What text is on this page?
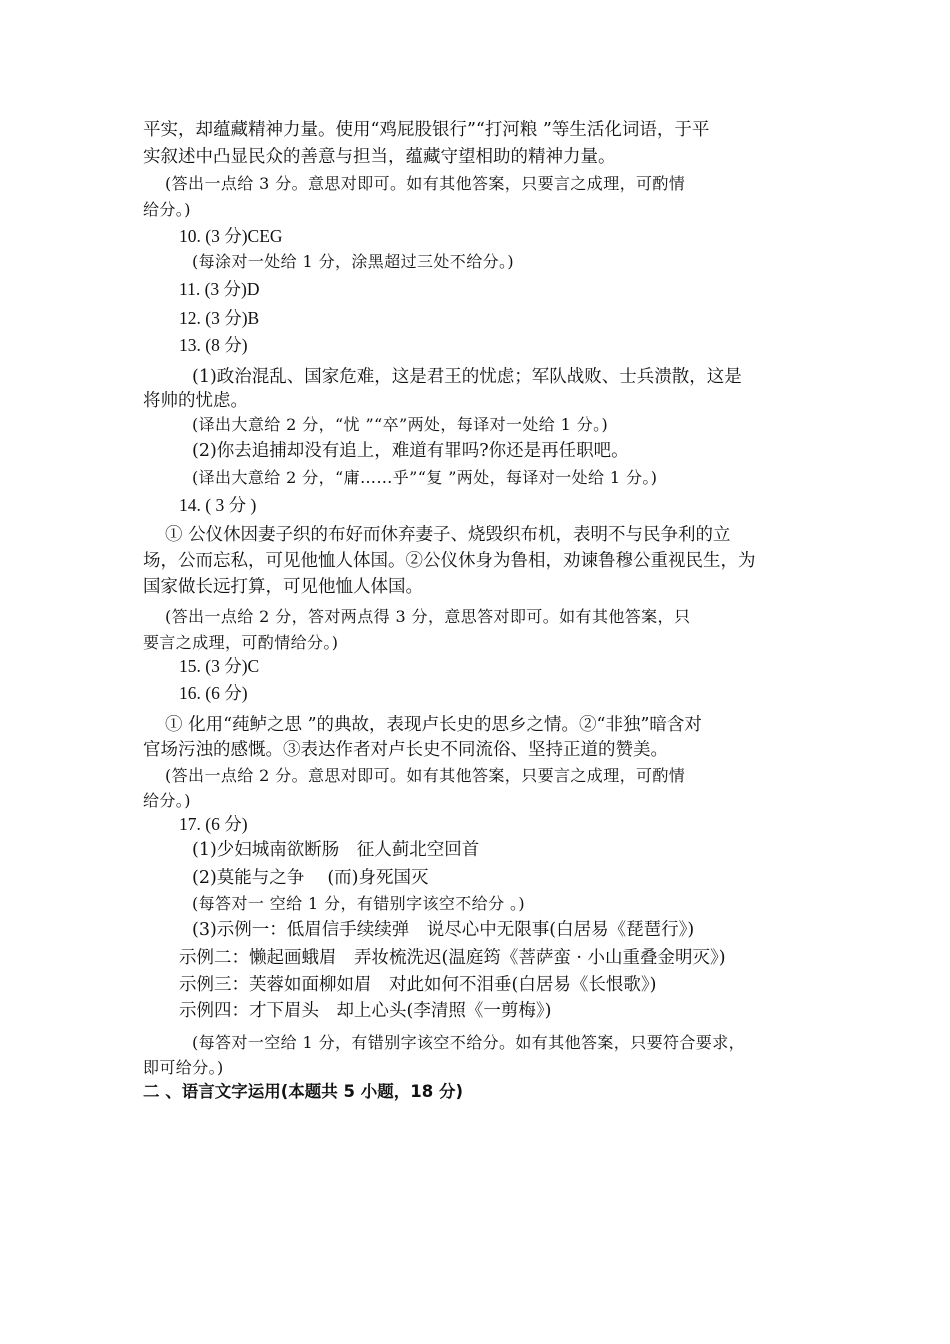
平实，却蕴藏精神力量。使用“鸡屁股银行”“打河粮 ”等生活化词语，于平
实叙述中凸显民众的善意与担当，蕴藏守望相助的精神力量。
(答出一点给 3 分。意思对即可。如有其他答案，只要言之成理，可酌情
给分。)
10. (3 分)CEG
(每涂对一处给 1 分，涂黑超过三处不给分。)
11. (3 分)D
12. (3 分)B
13. (8 分)
(1)政治混乱、国家危难，这是君王的忧虑；军队战败、士兵溃散，这是
将帅的忧虑。
(译出大意给 2 分，“忧 ”“卒”两处，每译对一处给 1 分。)
(2)你去追捕却没有追上，难道有罪吗?你还是再任职吧。
(译出大意给 2 分，“庸……乎”“复 ”两处，每译对一处给 1 分。)
14. ( 3 分 )
① 公仪休因妻子织的布好而休弃妻子、烧毁织布机，表明不与民争利的立
场，公而忘私，可见他恤人体国。②公仪休身为鲁相，劝谏鲁穆公重视民生，为
国家做长远打算，可见他恤人体国。
(答出一点给 2 分，答对两点得 3 分，意思答对即可。如有其他答案，只
要言之成理，可酌情给分。)
15. (3 分)C
16. (6 分)
① 化用“莼鲈之思 ”的典故，表现卢长史的思乡之情。②“非独”暗含对
官场污浊的感慨。③表达作者对卢长史不同流俗、坚持正道的赞美。
(答出一点给 2 分。意思对即可。如有其他答案，只要言之成理，可酌情
给分。)
17. (6 分)
(1)少妇城南欲断肠　征人蓟北空回首
(2)莫能与之争　 (而)身死国灭
(每答对一 空给 1 分，有错别字该空不给分 。)
(3)示例一：低眉信手续续弹　说尽心中无限事(白居易《琵琶行》)
示例二：懒起画蛾眉　弄妆梳洗迟(温庭筠《菩萨蛮 · 小山重叠金明灭》)
示例三：芙蓉如面柳如眉　对此如何不泪垂(白居易《长恨歌》)
示例四：才下眉头　却上心头(李清照《一剪梅》)
(每答对一空给 1 分，有错别字该空不给分。如有其他答案，只要符合要求，
即可给分。)
二 、语言文字运用(本题共 5 小题，18 分)
